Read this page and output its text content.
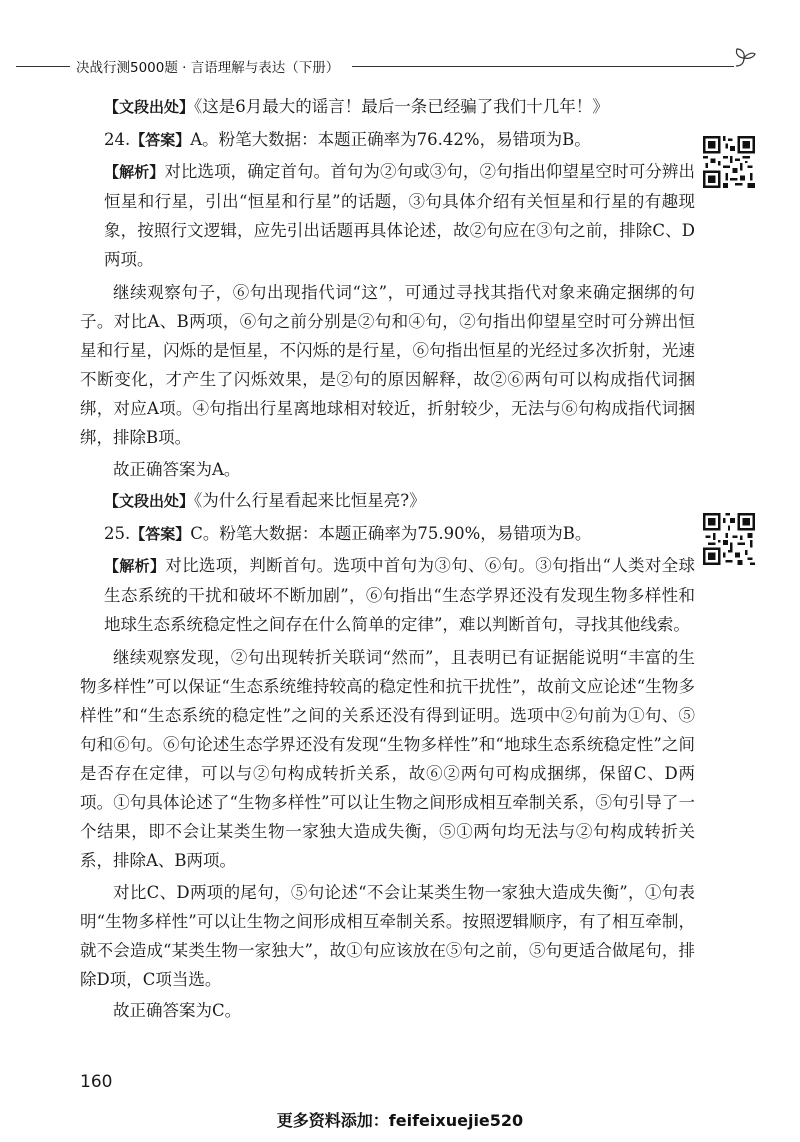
决战行测5000题 · 言语理解与表达（下册）

【文段出处】《这是6月最大的谣言！最后一条已经骗了我们十几年！》

24.【答案】A。粉笔大数据：本题正确率为76.42%，易错项为B。

【解析】对比选项，确定首句。首句为②句或③句，②句指出仰望星空时可分辨出恒星和行星，引出“恒星和行星”的话题，③句具体介绍有关恒星和行星的有趣现象，按照行文逻辑，应先引出话题再具体论述，故②句应在③句之前，排除C、D两项。

继续观察句子，⑥句出现指代词“这”，可通过寻找其指代对象来确定捆绑的句子。对比A、B两项，⑥句之前分别是②句和④句，②句指出仰望星空时可分辨出恒星和行星，闪烁的是恒星，不闪烁的是行星，⑥句指出恒星的光经过多次折射，光速不断变化，才产生了闪烁效果，是②句的原因解释，故②⑥两句可以构成指代词捆绑，对应A项。④句指出行星离地球相对较近，折射较少，无法与⑥句构成指代词捆绑，排除B项。

故正确答案为A。

【文段出处】《为什么行星看起来比恒星亮?》

25.【答案】C。粉笔大数据：本题正确率为75.90%，易错项为B。

【解析】对比选项，判断首句。选项中首句为③句、⑥句。③句指出“人类对全球生态系统的干扰和破坏不断加剧”，⑥句指出“生态学界还没有发现生物多样性和地球生态系统稳定性之间存在什么简单的定律”，难以判断首句，寻找其他线索。

继续观察发现，②句出现转折关联词“然而”，且表明已有证据能说明“丰富的生物多样性”可以保证“生态系统维持较高的稳定性和抗干扰性”，故前文应论述“生物多样性”和“生态系统的稳定性”之间的关系还没有得到证明。选项中②句前为①句、⑤句和⑥句。⑥句论述生态学界还没有发现“生物多样性”和“地球生态系统稳定性”之间是否存在定律，可以与②句构成转折关系，故⑥②两句可构成捆绑，保留C、D两项。①句具体论述了“生物多样性”可以让生物之间形成相互牵制关系，⑤句引导了一个结果，即不会让某类生物一家独大造成失衡，⑤①两句均无法与②句构成转折关系，排除A、B两项。

对比C、D两项的尾句，⑤句论述“不会让某类生物一家独大造成失衡”，①句表明“生物多样性”可以让生物之间形成相互牵制关系。按照逻辑顺序，有了相互牵制，就不会造成“某类生物一家独大”，故①句应该放在⑤句之前，⑤句更适合做尾句，排除D项，C项当选。

故正确答案为C。

160
更多资料添加：feifeixuejie520
